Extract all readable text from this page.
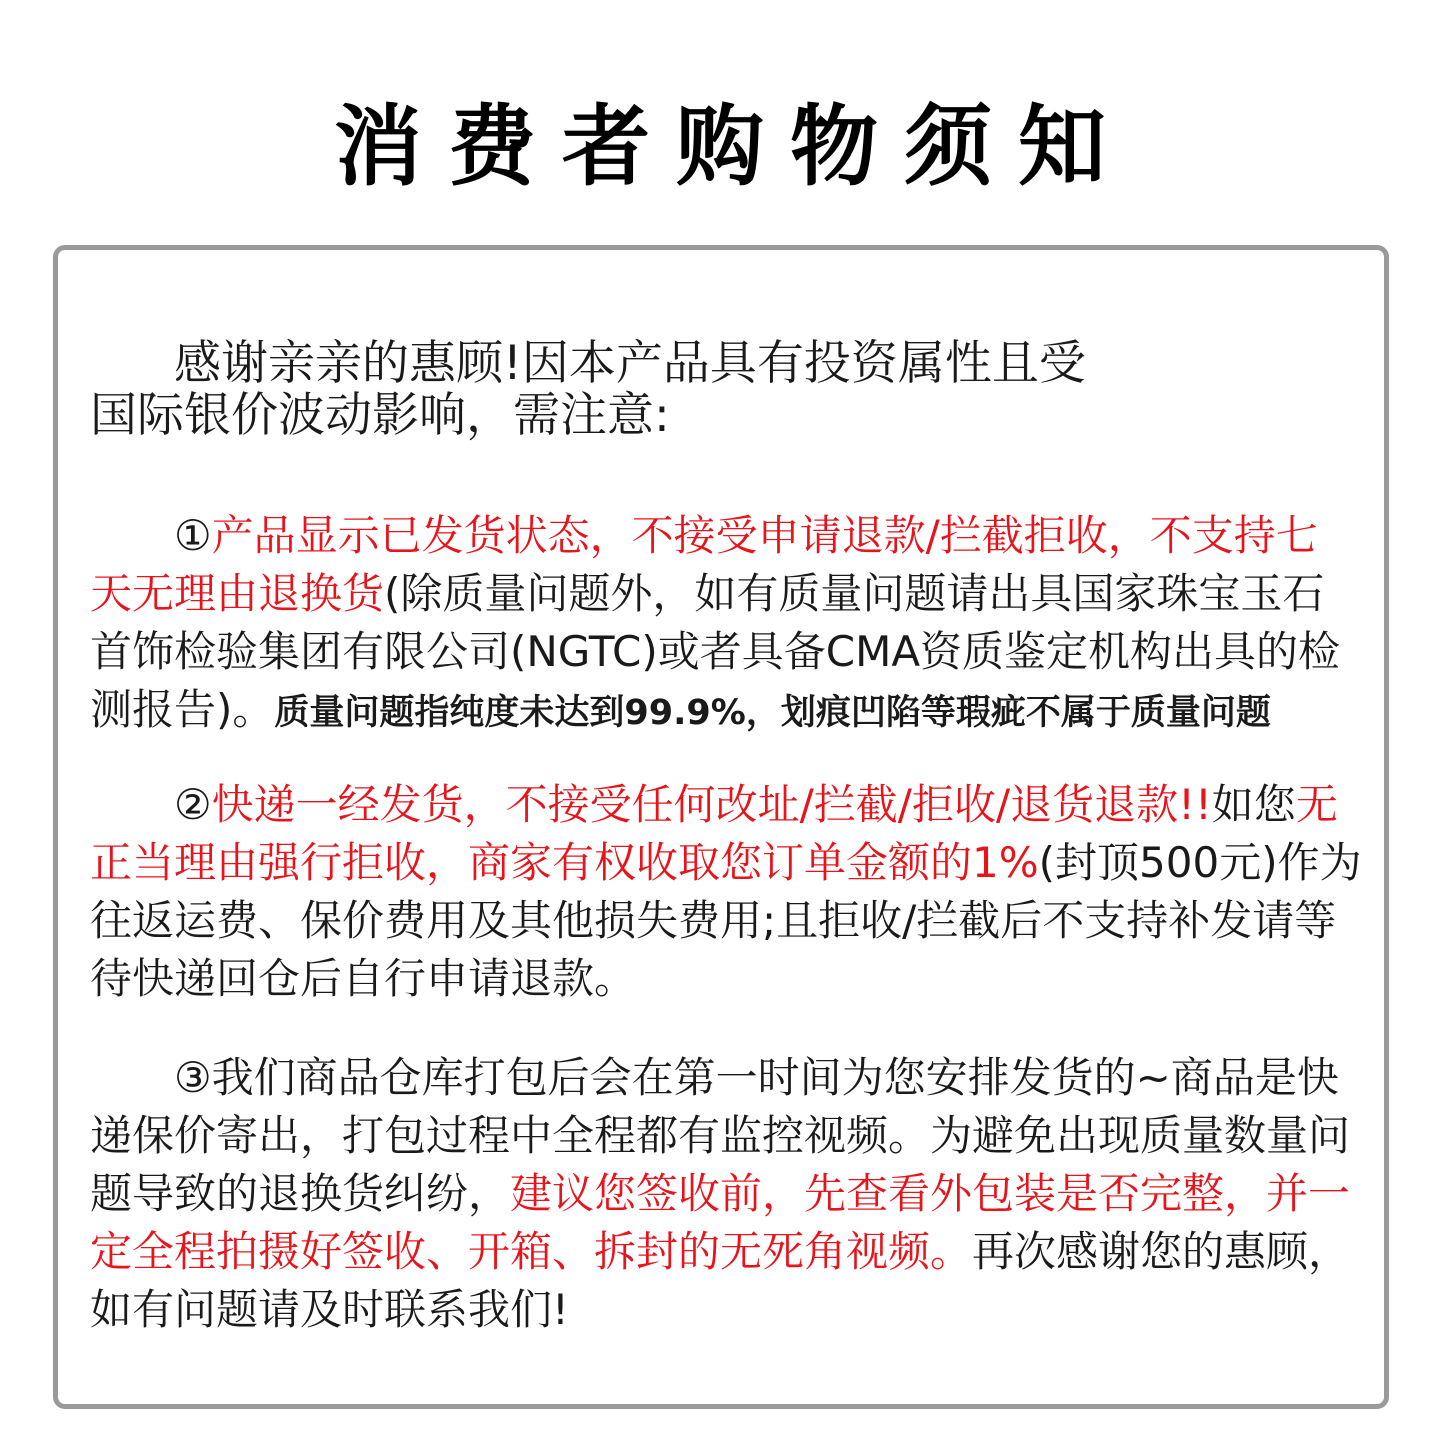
消费者购物须知
感谢亲亲的惠顾!因本产品具有投资属性且受
国际银价波动影响，需注意:
①产品显示已发货状态，不接受申请退款/拦截拒收，不支持七
天无理由退换货(除质量问题外，如有质量问题请出具国家珠宝玉石
首饰检验集团有限公司(NGTC)或者具备CMA资质鉴定机构出具的检
测报告)。质量问题指纯度未达到99.9%，划痕凹陷等瑕疵不属于质量问题
②快递一经发货，不接受任何改址/拦截/拒收/退货退款!!如您无
正当理由强行拒收，商家有权收取您订单金额的1%(封顶500元)作为
往返运费、保价费用及其他损失费用;且拒收/拦截后不支持补发请等
待快递回仓后自行申请退款。
③我们商品仓库打包后会在第一时间为您安排发货的~商品是快
递保价寄出，打包过程中全程都有监控视频。为避免出现质量数量问
题导致的退换货纠纷，建议您签收前，先查看外包装是否完整，并一
定全程拍摄好签收、开箱、拆封的无死角视频。再次感谢您的惠顾，
如有问题请及时联系我们!
